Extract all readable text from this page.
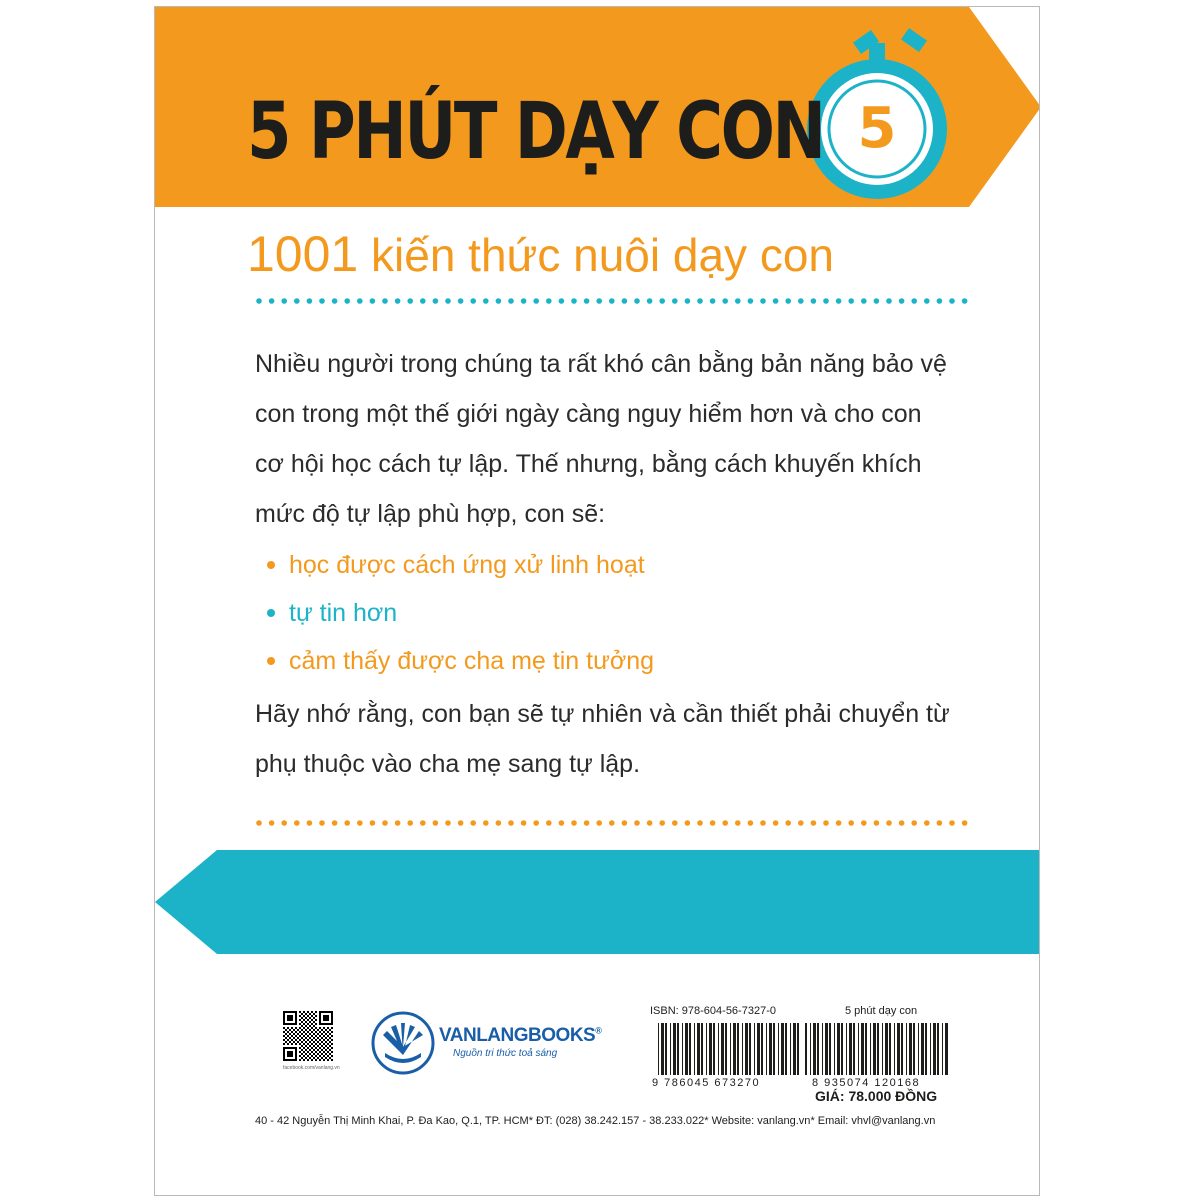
5
5 PHÚT DẠY CON
1001 kiến thức nuôi dạy con

Nhiều người trong chúng ta rất khó cân bằng bản năng bảo vệ con trong một thế giới ngày càng nguy hiểm hơn và cho con cơ hội học cách tự lập. Thế nhưng, bằng cách khuyến khích mức độ tự lập phù hợp, con sẽ:

học được cách ứng xử linh hoạt
tự tin hơn
cảm thấy được cha mẹ tin tưởng

Hãy nhớ rằng, con bạn sẽ tự nhiên và cần thiết phải chuyển từ phụ thuộc vào cha mẹ sang tự lập.

facebook.com/vanlang.vn
VANLANGBOOKS®
Nguồn tri thức toả sáng
ISBN: 978-604-56-7327-0	5 phút dạy con
9 786045 673270	8 935074 120168
GIÁ: 78.000 ĐỒNG
40 - 42 Nguyễn Thị Minh Khai, P. Đa Kao, Q.1, TP. HCM * ĐT: (028) 38.242.157 - 38.233.022 * Website: vanlang.vn * Email: vhvl@vanlang.vn
